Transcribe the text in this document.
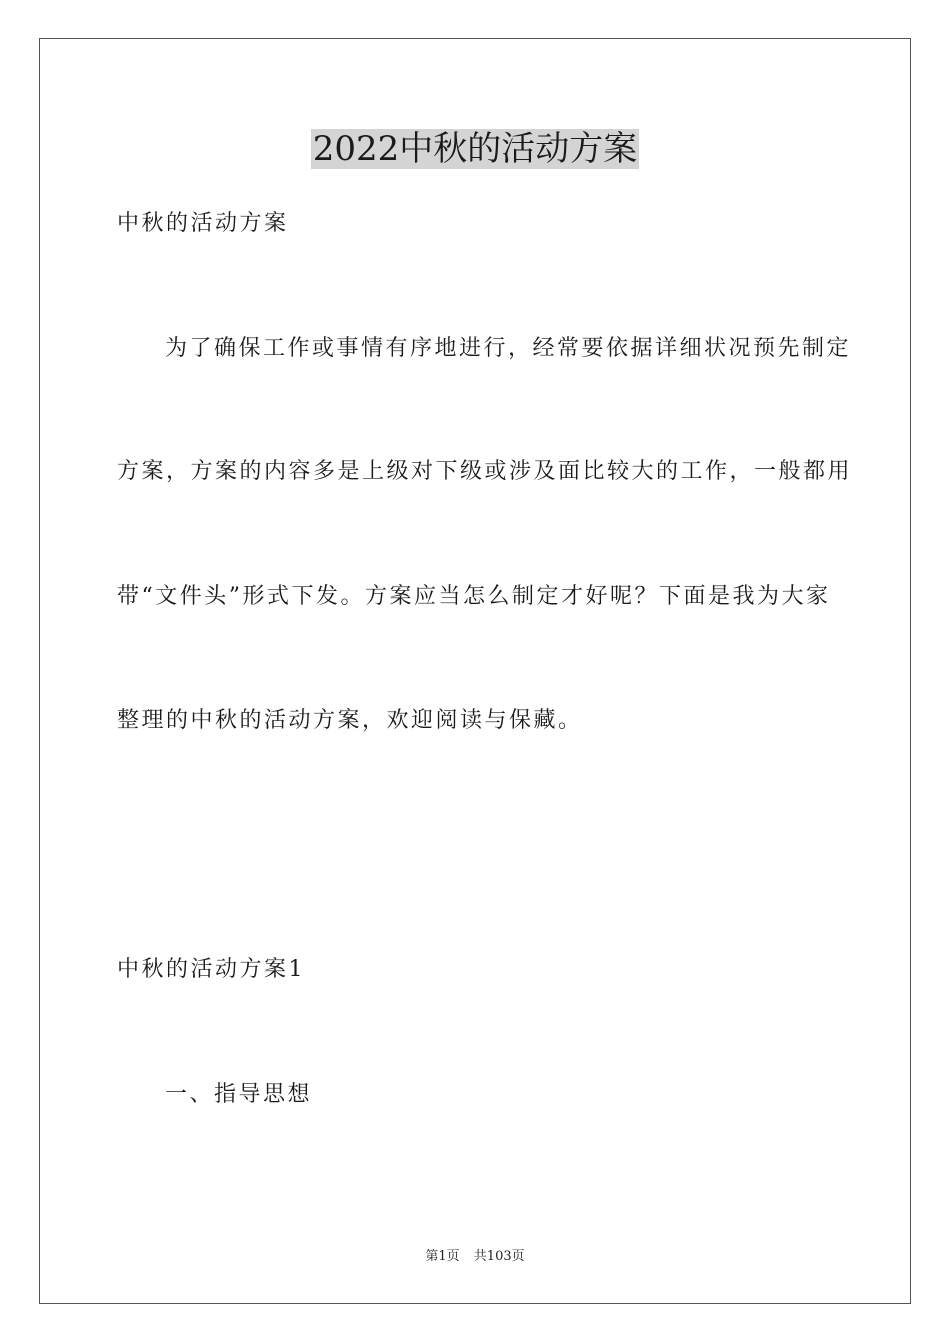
2022中秋的活动方案

中秋的活动方案

为了确保工作或事情有序地进行，经常要依据详细状况预先制定

方案，方案的内容多是上级对下级或涉及面比较大的工作，一般都用

带“文件头”形式下发。方案应当怎么制定才好呢？下面是我为大家

整理的中秋的活动方案，欢迎阅读与保藏。

中秋的活动方案1

一、指导思想

第1页 共103页
